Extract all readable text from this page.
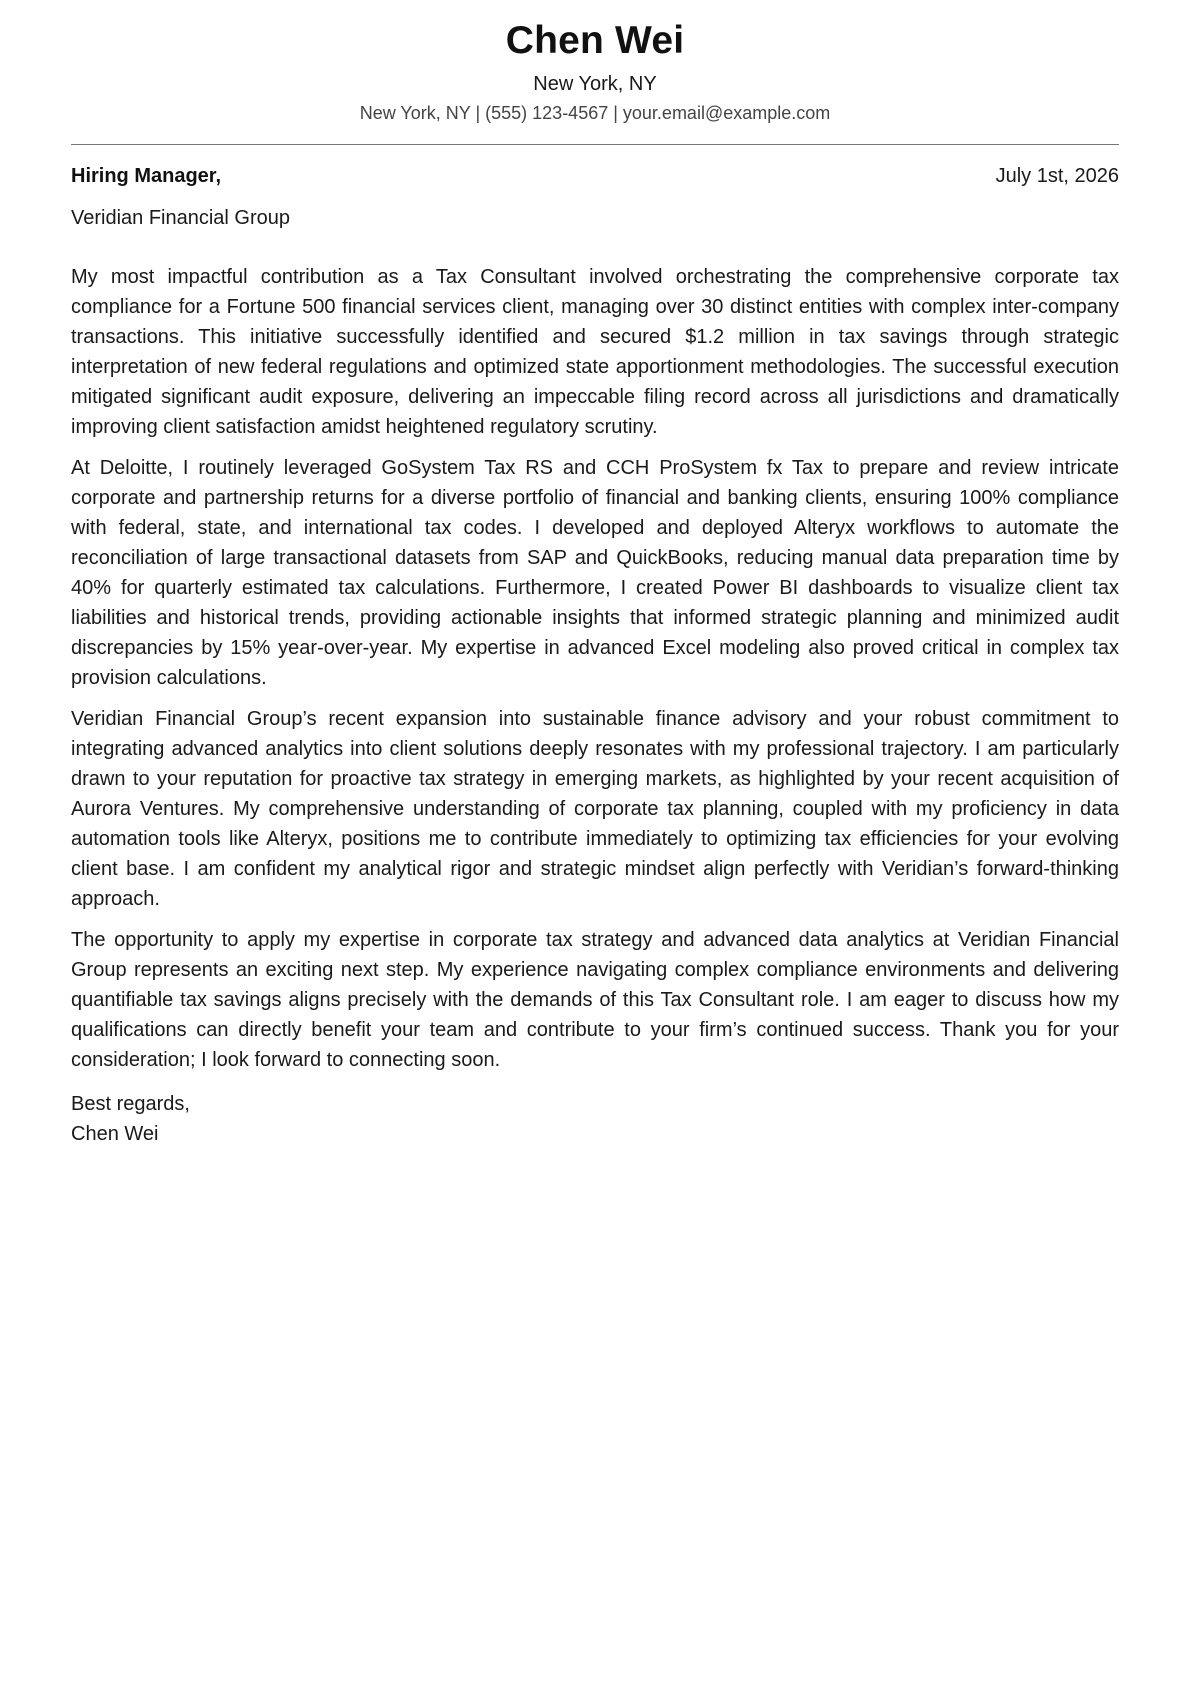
Chen Wei
New York, NY
New York, NY | (555) 123-4567 | your.email@example.com
Hiring Manager,	July 1st, 2026
Veridian Financial Group

My most impactful contribution as a Tax Consultant involved orchestrating the comprehensive corporate tax compliance for a Fortune 500 financial services client, managing over 30 distinct entities with complex inter-company transactions. This initiative successfully identified and secured $1.2 million in tax savings through strategic interpretation of new federal regulations and optimized state apportionment methodologies. The successful execution mitigated significant audit exposure, delivering an impeccable filing record across all jurisdictions and dramatically improving client satisfaction amidst heightened regulatory scrutiny.

At Deloitte, I routinely leveraged GoSystem Tax RS and CCH ProSystem fx Tax to prepare and review intricate corporate and partnership returns for a diverse portfolio of financial and banking clients, ensuring 100% compliance with federal, state, and international tax codes. I developed and deployed Alteryx workflows to automate the reconciliation of large transactional datasets from SAP and QuickBooks, reducing manual data preparation time by 40% for quarterly estimated tax calculations. Furthermore, I created Power BI dashboards to visualize client tax liabilities and historical trends, providing actionable insights that informed strategic planning and minimized audit discrepancies by 15% year-over-year. My expertise in advanced Excel modeling also proved critical in complex tax provision calculations.

Veridian Financial Group’s recent expansion into sustainable finance advisory and your robust commitment to integrating advanced analytics into client solutions deeply resonates with my professional trajectory. I am particularly drawn to your reputation for proactive tax strategy in emerging markets, as highlighted by your recent acquisition of Aurora Ventures. My comprehensive understanding of corporate tax planning, coupled with my proficiency in data automation tools like Alteryx, positions me to contribute immediately to optimizing tax efficiencies for your evolving client base. I am confident my analytical rigor and strategic mindset align perfectly with Veridian’s forward-thinking approach.

The opportunity to apply my expertise in corporate tax strategy and advanced data analytics at Veridian Financial Group represents an exciting next step. My experience navigating complex compliance environments and delivering quantifiable tax savings aligns precisely with the demands of this Tax Consultant role. I am eager to discuss how my qualifications can directly benefit your team and contribute to your firm’s continued success. Thank you for your consideration; I look forward to connecting soon.

Best regards,
Chen Wei
